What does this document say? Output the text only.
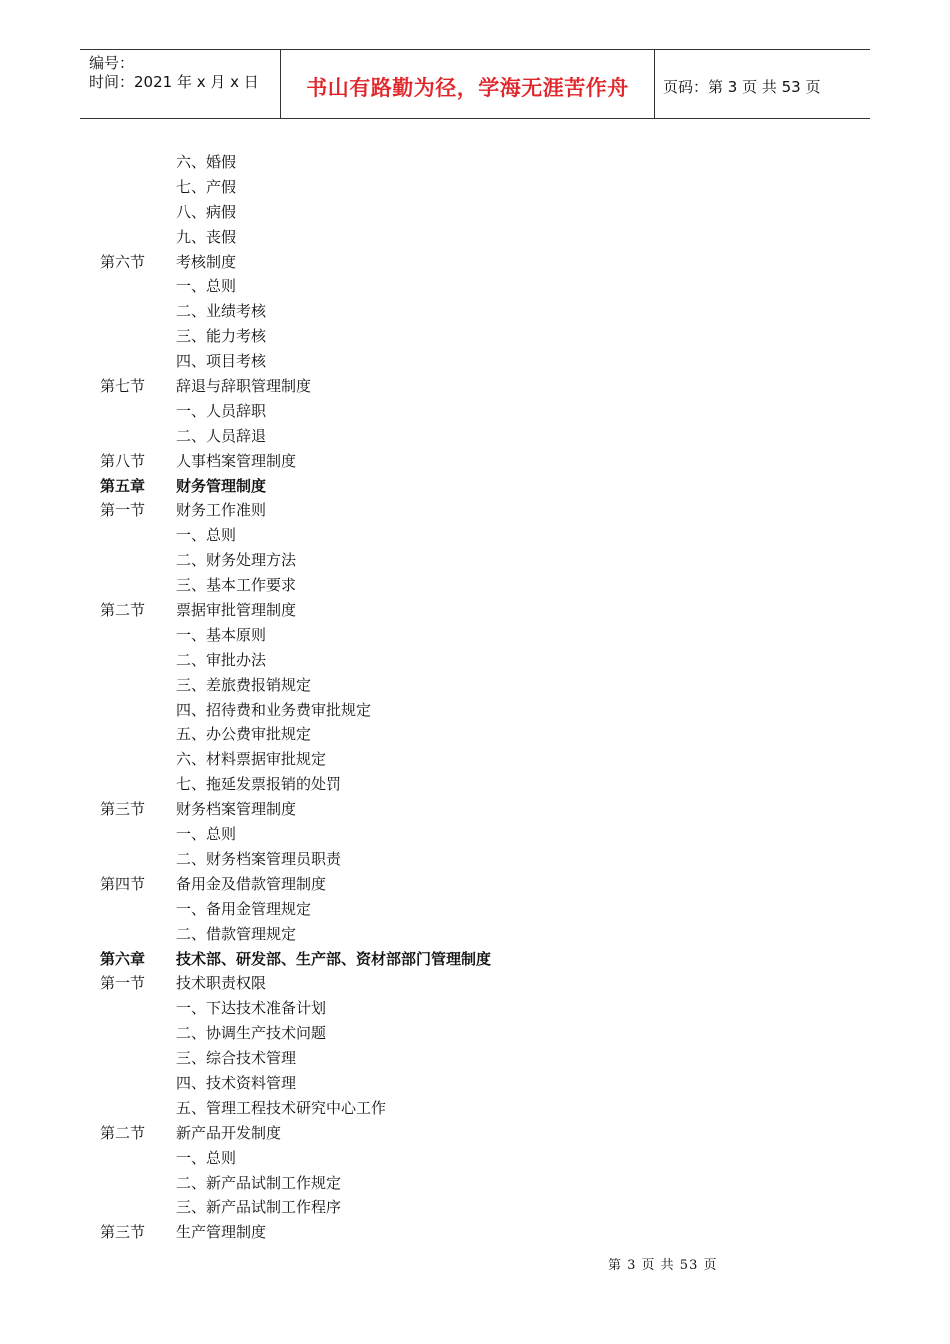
编号：
时间：2021 年 x 月 x 日	书山有路勤为径，学海无涯苦作舟	页码：第 3 页 共 53 页
六、婚假
七、产假
八、病假
九、丧假
第六节 考核制度
一、总则
二、业绩考核
三、能力考核
四、项目考核
第七节 辞退与辞职管理制度
一、人员辞职
二、人员辞退
第八节 人事档案管理制度
第五章 财务管理制度
第一节 财务工作准则
一、总则
二、财务处理方法
三、基本工作要求
第二节 票据审批管理制度
一、基本原则
二、审批办法
三、差旅费报销规定
四、招待费和业务费审批规定
五、办公费审批规定
六、材料票据审批规定
七、拖延发票报销的处罚
第三节 财务档案管理制度
一、总则
二、财务档案管理员职责
第四节 备用金及借款管理制度
一、备用金管理规定
二、借款管理规定
第六章 技术部、研发部、生产部、资材部部门管理制度
第一节 技术职责权限
一、下达技术准备计划
二、协调生产技术问题
三、综合技术管理
四、技术资料管理
五、管理工程技术研究中心工作
第二节 新产品开发制度
一、总则
二、新产品试制工作规定
三、新产品试制工作程序
第三节 生产管理制度
第 3 页 共 53 页
